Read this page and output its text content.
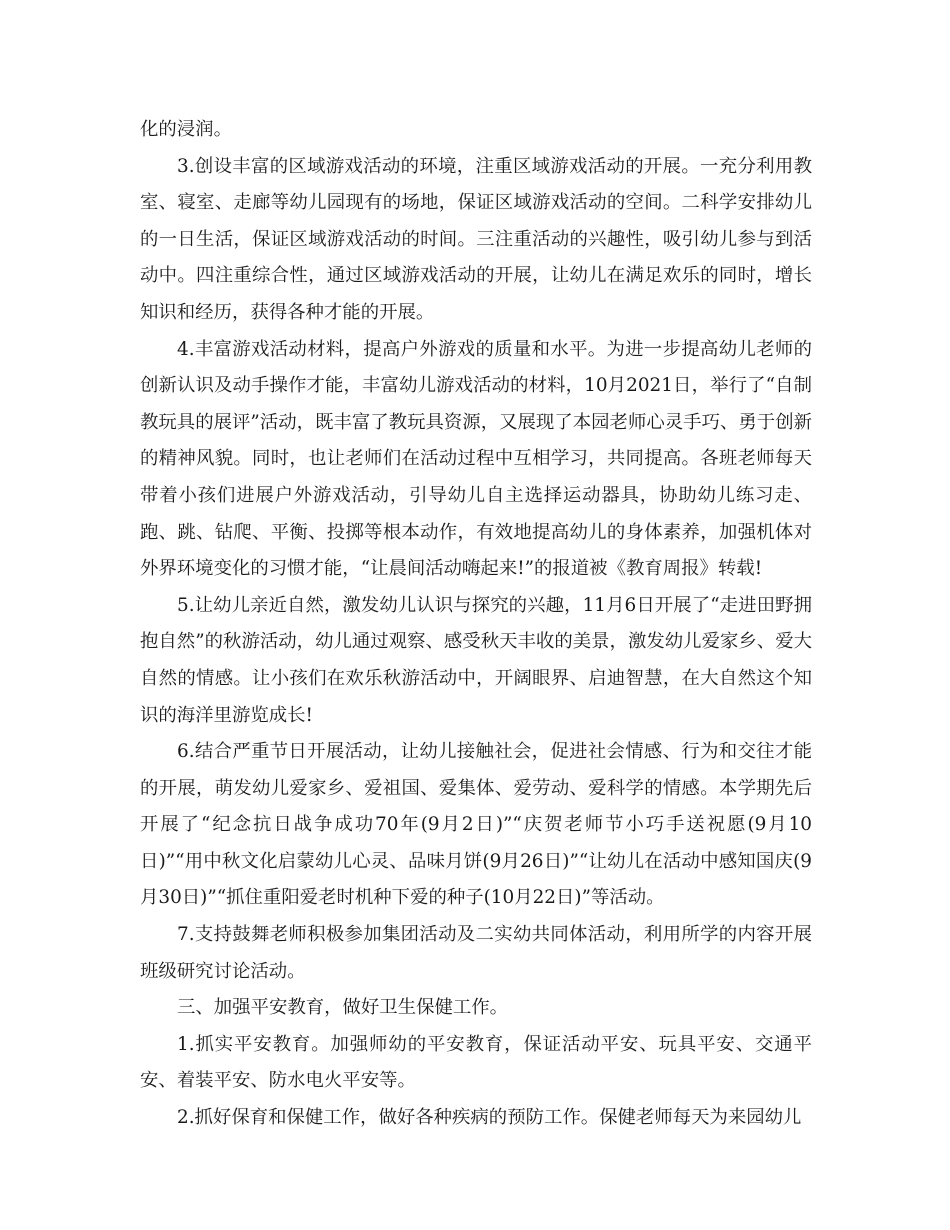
化的浸润。

3.创设丰富的区域游戏活动的环境，注重区域游戏活动的开展。一充分利用教室、寝室、走廊等幼儿园现有的场地，保证区域游戏活动的空间。二科学安排幼儿的一日生活，保证区域游戏活动的时间。三注重活动的兴趣性，吸引幼儿参与到活动中。四注重综合性，通过区域游戏活动的开展，让幼儿在满足欢乐的同时，增长知识和经历，获得各种才能的开展。

4.丰富游戏活动材料，提高户外游戏的质量和水平。为进一步提高幼儿老师的创新认识及动手操作才能，丰富幼儿游戏活动的材料，10月2021日，举行了“自制教玩具的展评”活动，既丰富了教玩具资源，又展现了本园老师心灵手巧、勇于创新的精神风貌。同时，也让老师们在活动过程中互相学习，共同提高。各班老师每天带着小孩们进展户外游戏活动，引导幼儿自主选择运动器具，协助幼儿练习走、跑、跳、钻爬、平衡、投掷等根本动作，有效地提高幼儿的身体素养，加强机体对外界环境变化的习惯才能，“让晨间活动嗨起来!”的报道被《教育周报》转载!

5.让幼儿亲近自然，激发幼儿认识与探究的兴趣，11月6日开展了“走进田野拥抱自然”的秋游活动，幼儿通过观察、感受秋天丰收的美景，激发幼儿爱家乡、爱大自然的情感。让小孩们在欢乐秋游活动中，开阔眼界、启迪智慧，在大自然这个知识的海洋里游览成长!

6.结合严重节日开展活动，让幼儿接触社会，促进社会情感、行为和交往才能的开展，萌发幼儿爱家乡、爱祖国、爱集体、爱劳动、爱科学的情感。本学期先后开展了“纪念抗日战争成功70年(9月2日)”“庆贺老师节小巧手送祝愿(9月10日)”“用中秋文化启蒙幼儿心灵、品味月饼(9月26日)”“让幼儿在活动中感知国庆(9月30日)”“抓住重阳爱老时机种下爱的种子(10月22日)”等活动。

7.支持鼓舞老师积极参加集团活动及二实幼共同体活动，利用所学的内容开展班级研究讨论活动。

三、加强平安教育，做好卫生保健工作。

1.抓实平安教育。加强师幼的平安教育，保证活动平安、玩具平安、交通平安、着装平安、防水电火平安等。

2.抓好保育和保健工作，做好各种疾病的预防工作。保健老师每天为来园幼儿
